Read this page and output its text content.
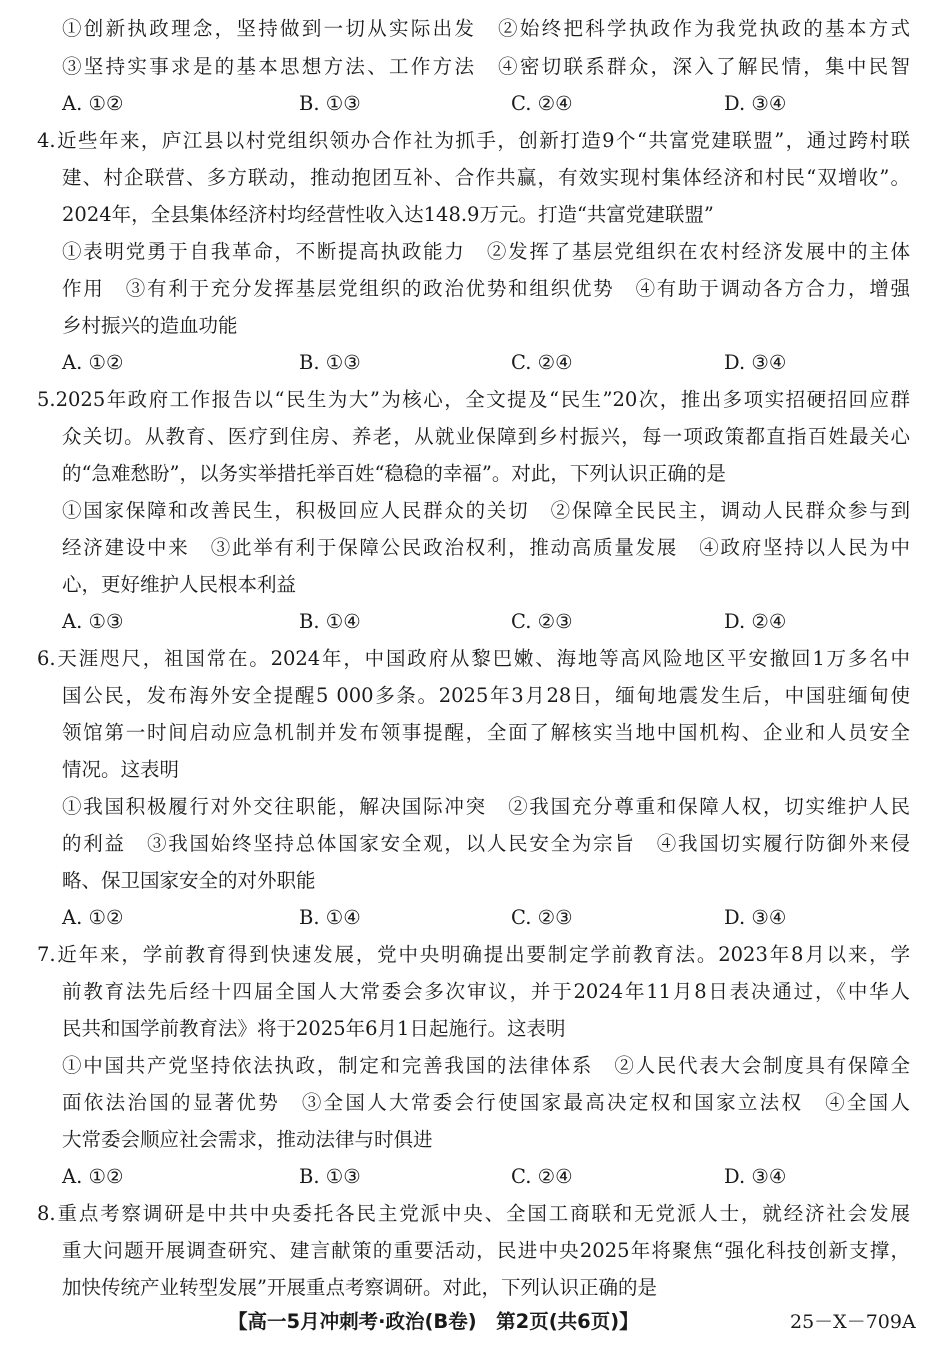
①创新执政理念，坚持做到一切从实际出发　②始终把科学执政作为我党执政的基本方式
③坚持实事求是的基本思想方法、工作方法　④密切联系群众，深入了解民情，集中民智
A. ①②	B. ①③	C. ②④	D. ③④
4.近些年来，庐江县以村党组织领办合作社为抓手，创新打造9个“共富党建联盟”，通过跨村联
建、村企联营、多方联动，推动抱团互补、合作共赢，有效实现村集体经济和村民“双增收”。
2024年，全县集体经济村均经营性收入达148.9万元。打造“共富党建联盟”
①表明党勇于自我革命，不断提高执政能力　②发挥了基层党组织在农村经济发展中的主体
作用　③有利于充分发挥基层党组织的政治优势和组织优势　④有助于调动各方合力，增强
乡村振兴的造血功能
A. ①②	B. ①③	C. ②④	D. ③④
5.2025年政府工作报告以“民生为大”为核心，全文提及“民生”20次，推出多项实招硬招回应群
众关切。从教育、医疗到住房、养老，从就业保障到乡村振兴，每一项政策都直指百姓最关心
的“急难愁盼”，以务实举措托举百姓“稳稳的幸福”。对此，下列认识正确的是
①国家保障和改善民生，积极回应人民群众的关切　②保障全民民主，调动人民群众参与到
经济建设中来　③此举有利于保障公民政治权利，推动高质量发展　④政府坚持以人民为中
心，更好维护人民根本利益
A. ①③	B. ①④	C. ②③	D. ②④
6.天涯咫尺，祖国常在。2024年，中国政府从黎巴嫩、海地等高风险地区平安撤回1万多名中
国公民，发布海外安全提醒5 000多条。2025年3月28日，缅甸地震发生后，中国驻缅甸使
领馆第一时间启动应急机制并发布领事提醒，全面了解核实当地中国机构、企业和人员安全
情况。这表明
①我国积极履行对外交往职能，解决国际冲突　②我国充分尊重和保障人权，切实维护人民
的利益　③我国始终坚持总体国家安全观，以人民安全为宗旨　④我国切实履行防御外来侵
略、保卫国家安全的对外职能
A. ①②	B. ①④	C. ②③	D. ③④
7.近年来，学前教育得到快速发展，党中央明确提出要制定学前教育法。2023年8月以来，学
前教育法先后经十四届全国人大常委会多次审议，并于2024年11月8日表决通过，《中华人
民共和国学前教育法》将于2025年6月1日起施行。这表明
①中国共产党坚持依法执政，制定和完善我国的法律体系　②人民代表大会制度具有保障全
面依法治国的显著优势　③全国人大常委会行使国家最高决定权和国家立法权　④全国人
大常委会顺应社会需求，推动法律与时俱进
A. ①②	B. ①③	C. ②④	D. ③④
8.重点考察调研是中共中央委托各民主党派中央、全国工商联和无党派人士，就经济社会发展
重大问题开展调查研究、建言献策的重要活动，民进中央2025年将聚焦“强化科技创新支撑，
加快传统产业转型发展”开展重点考察调研。对此，下列认识正确的是
【高一5月冲刺考·政治(B卷)　第2页(共6页)】	25－X－709A
